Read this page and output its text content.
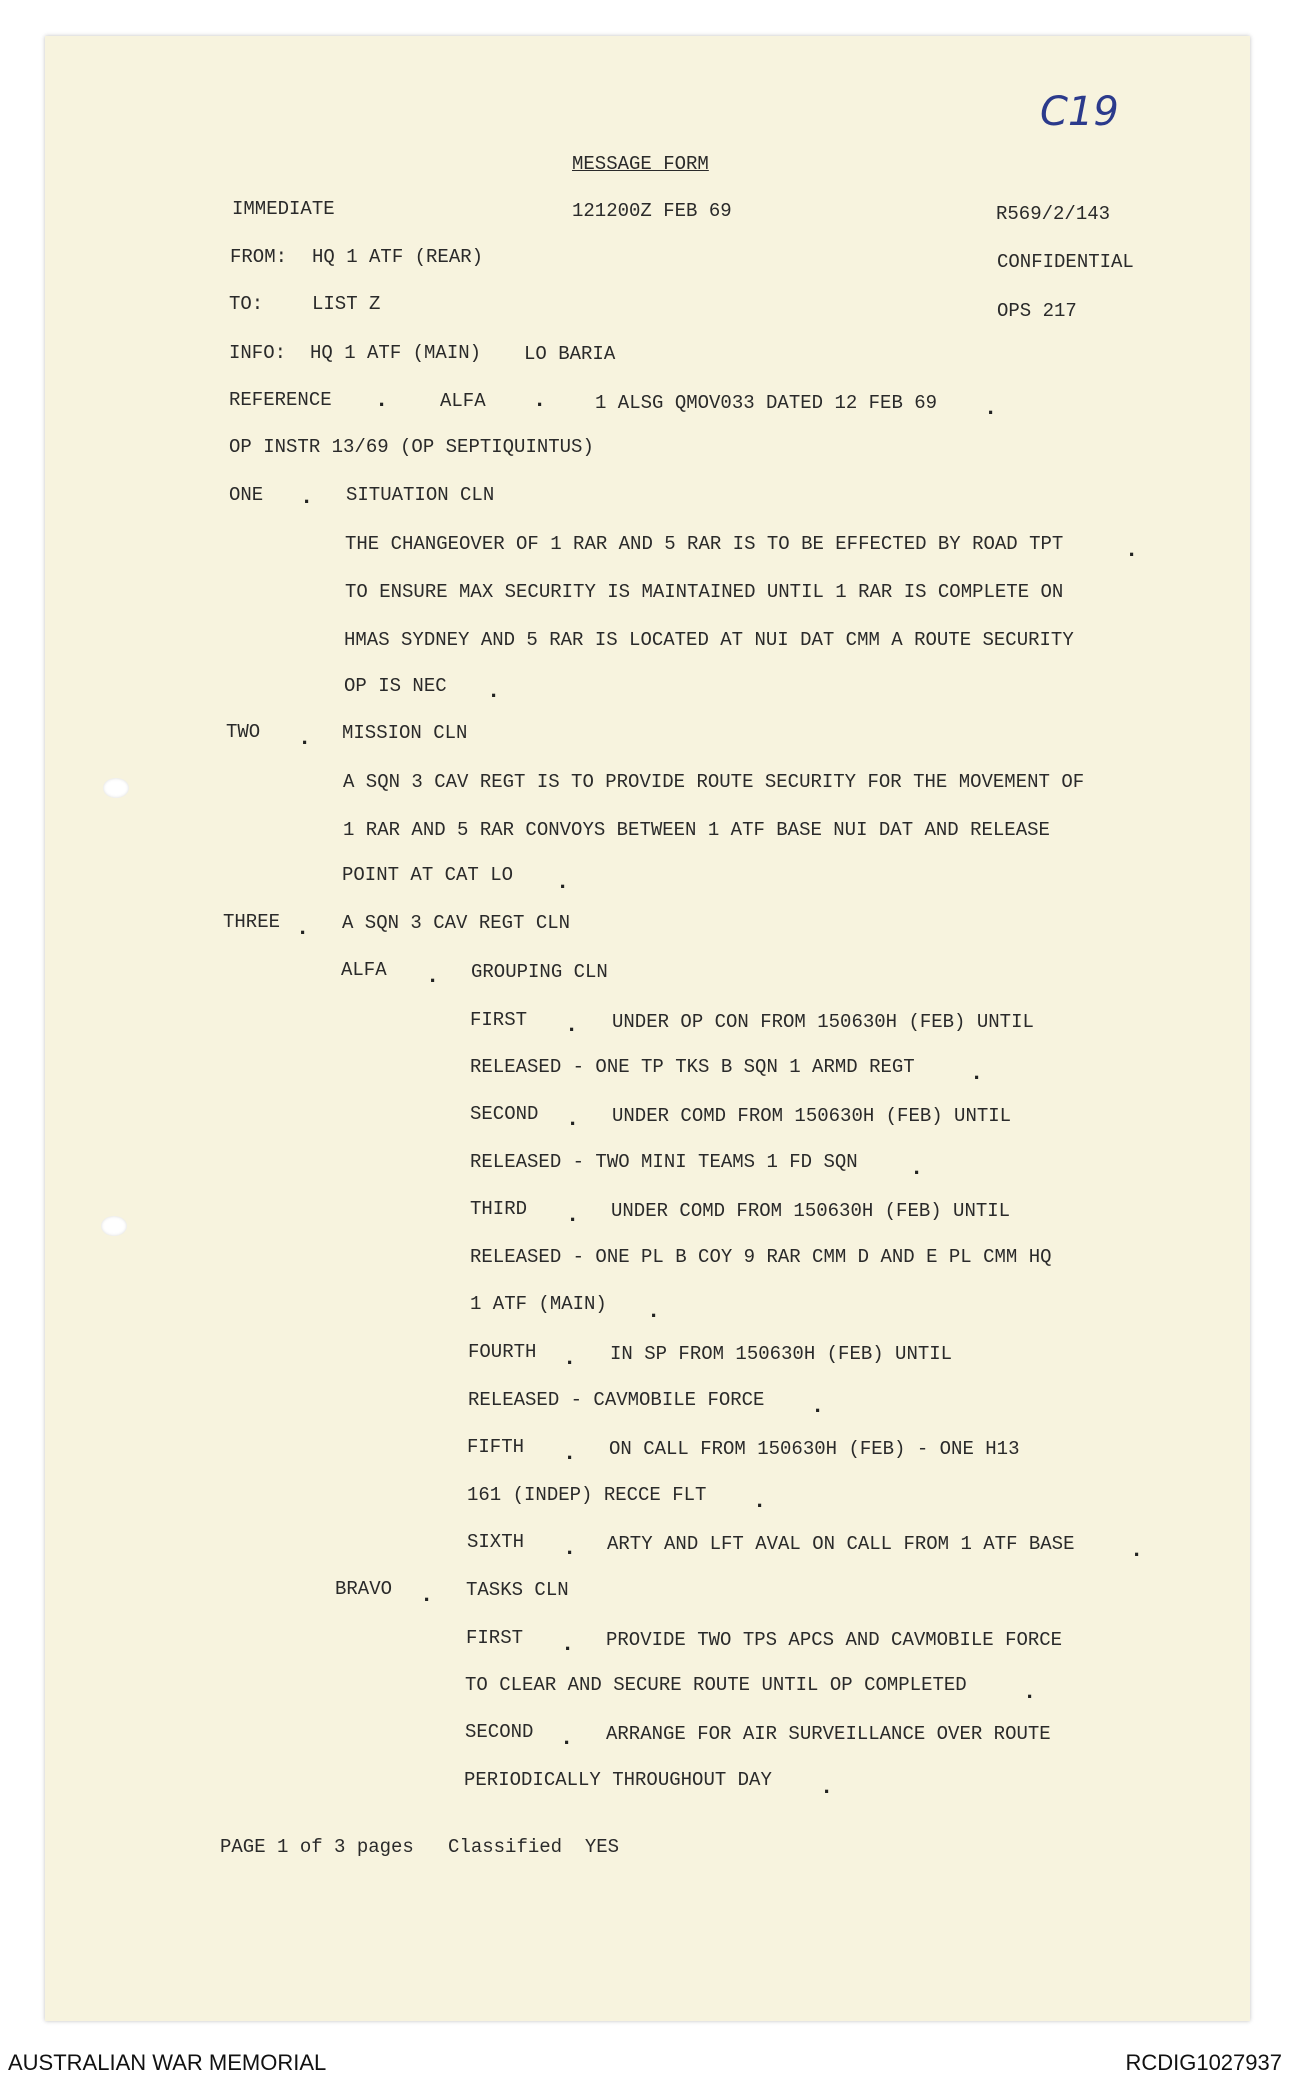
C19
MESSAGE FORM
IMMEDIATE	121200Z FEB 69	R569/2/143
FROM: HQ 1 ATF (REAR)	CONFIDENTIAL
TO:	LIST Z	OPS 217
INFO: HQ 1 ATF (MAIN) LO BARIA
REFERENCE .	ALFA .	1 ALSG QMOV033 DATED 12 FEB 69 .
OP INSTR 13/69 (OP SEPTIQUINTUS)
ONE . SITUATION CLN
THE CHANGEOVER OF 1 RAR AND 5 RAR IS TO BE EFFECTED BY ROAD TPT	.
TO ENSURE MAX SECURITY IS MAINTAINED UNTIL 1 RAR IS COMPLETE ON
HMAS SYDNEY AND 5 RAR IS LOCATED AT NUI DAT CMM A ROUTE SECURITY
OP IS NEC .
TWO . MISSION CLN
A SQN 3 CAV REGT IS TO PROVIDE ROUTE SECURITY FOR THE MOVEMENT OF
1 RAR AND 5 RAR CONVOYS BETWEEN 1 ATF BASE NUI DAT AND RELEASE
POINT AT CAT LO .
THREE . A SQN 3 CAV REGT CLN
ALFA . GROUPING CLN
FIRST . UNDER OP CON FROM 150630H (FEB) UNTIL
RELEASED - ONE TP TKS B SQN 1 ARMD REGT	.
SECOND . UNDER COMD FROM 150630H (FEB) UNTIL
RELEASED - TWO MINI TEAMS 1 FD SQN .
THIRD . UNDER COMD FROM 150630H (FEB) UNTIL
RELEASED - ONE PL B COY 9 RAR CMM D AND E PL CMM HQ
1 ATF (MAIN) .
FOURTH . IN SP FROM 150630H (FEB) UNTIL
RELEASED - CAVMOBILE FORCE .
FIFTH . ON CALL FROM 150630H (FEB) - ONE H13
161 (INDEP) RECCE FLT .
SIXTH . ARTY AND LFT AVAL ON CALL FROM 1 ATF BASE	.
BRAVO . TASKS CLN
FIRST . PROVIDE TWO TPS APCS AND CAVMOBILE FORCE
TO CLEAR AND SECURE ROUTE UNTIL OP COMPLETED	.
SECOND . ARRANGE FOR AIR SURVEILLANCE OVER ROUTE
PERIODICALLY THROUGHOUT DAY .
PAGE 1 of 3 pages   Classified  YES
AUSTRALIAN WAR MEMORIAL	RCDIG1027937
